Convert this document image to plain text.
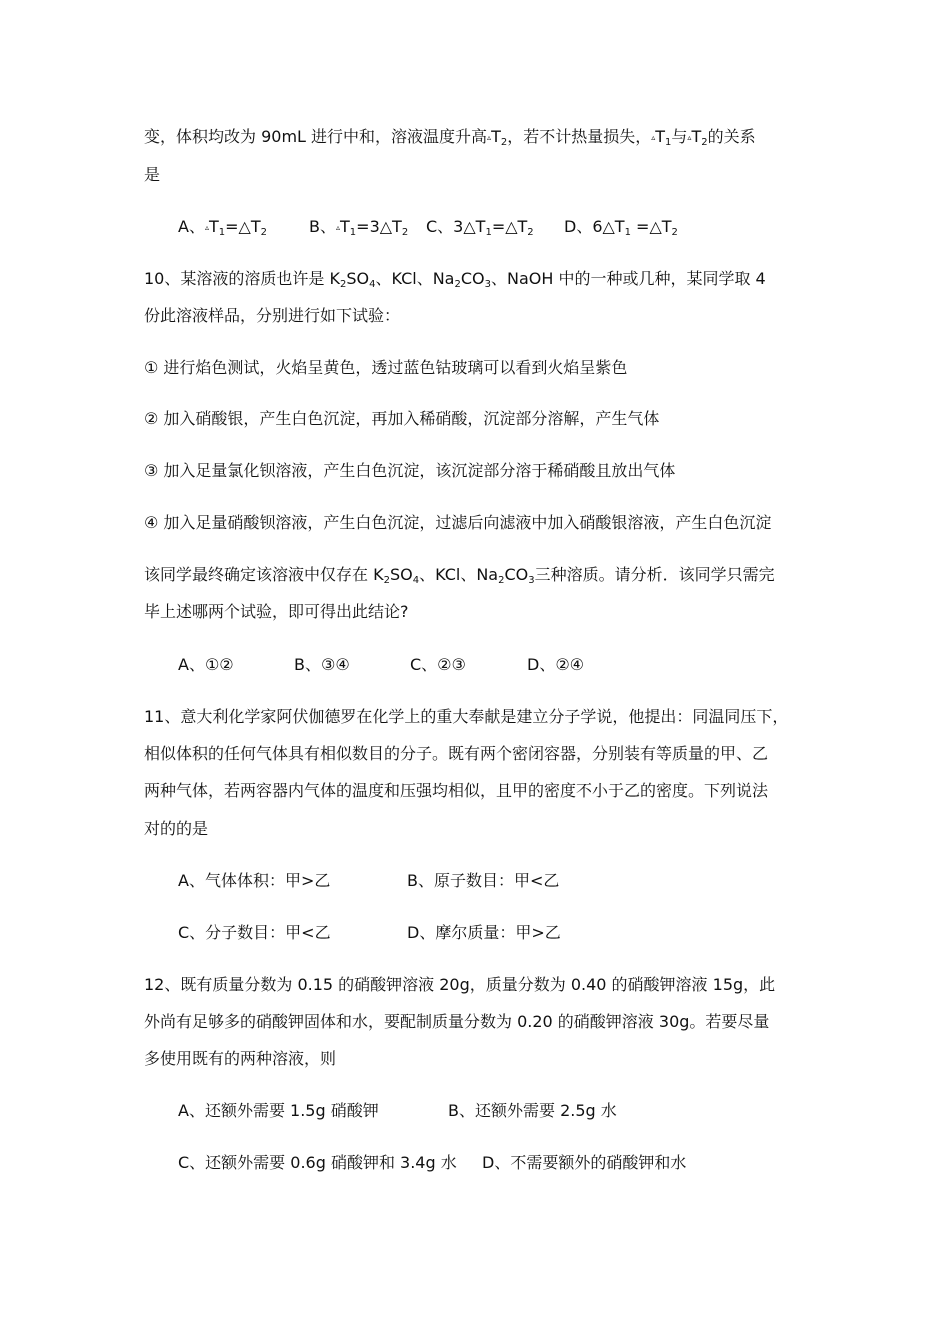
变，体积均改为 90mL 进行中和，溶液温度升高$▵T_2$，若不计热量损失，$▵T_1$与$▵T_2$的关系
是
A、$▵T_1=\triangle T_2$	B、$▵T_1=3\triangle T_2$ C、$3\triangle T_1=\triangle T_2$ D、$6\triangle T_1$ $=\triangle T_2$
10、某溶液的溶质也许是 $K_2SO_4$、KCl、$Na_2CO_3$、NaOH 中的一种或几种，某同学取 4
份此溶液样品，分别进行如下试验：
① 进行焰色测试，火焰呈黄色，透过蓝色钴玻璃可以看到火焰呈紫色
② 加入硝酸银，产生白色沉淀，再加入稀硝酸，沉淀部分溶解，产生气体
③ 加入足量氯化钡溶液，产生白色沉淀，该沉淀部分溶于稀硝酸且放出气体
④ 加入足量硝酸钡溶液，产生白色沉淀，过滤后向滤液中加入硝酸银溶液，产生白色沉淀
该同学最终确定该溶液中仅存在 $K_2SO_4$、KCl、$Na_2CO_3$三种溶质。请分析．该同学只需完
毕上述哪两个试验，即可得出此结论?
A、①②	B、③④	C、②③	D、②④
11、意大利化学家阿伏伽德罗在化学上的重大奉献是建立分子学说，他提出：同温同压下，
相似体积的任何气体具有相似数目的分子。既有两个密闭容器，分别装有等质量的甲、乙
两种气体，若两容器内气体的温度和压强均相似，且甲的密度不小于乙的密度。下列说法
对的的是
A、气体体积：甲>乙	B、原子数目：甲<乙
C、分子数目：甲<乙	D、摩尔质量：甲>乙
12、既有质量分数为 0.15 的硝酸钾溶液 20g，质量分数为 0.40 的硝酸钾溶液 15g，此
外尚有足够多的硝酸钾固体和水，要配制质量分数为 0.20 的硝酸钾溶液 30g。若要尽量
多使用既有的两种溶液，则
A、还额外需要 1.5g 硝酸钾	B、还额外需要 2.5g 水
C、还额外需要 0.6g 硝酸钾和 3.4g 水 D、不需要额外的硝酸钾和水
